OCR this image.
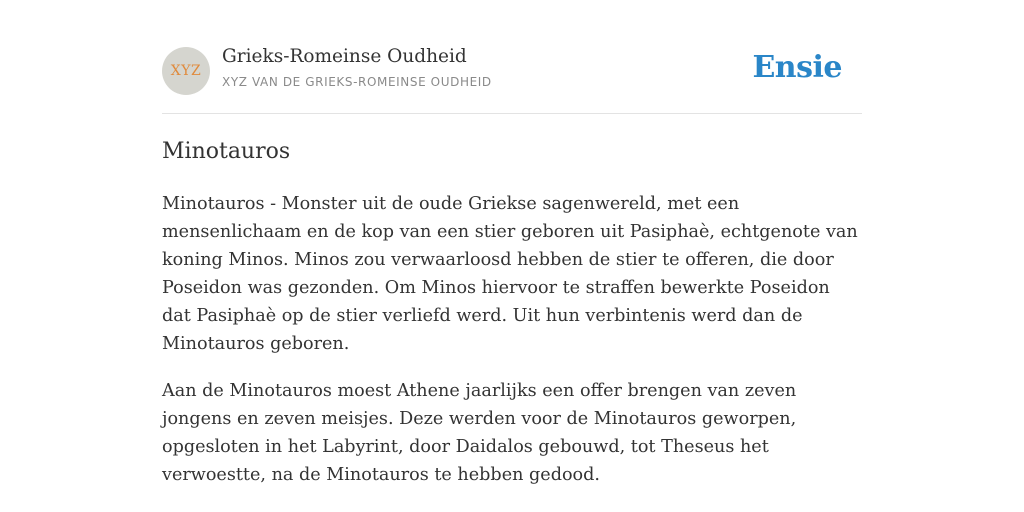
XYZ
Grieks-Romeinse Oudheid
XYZ VAN DE GRIEKS-ROMEINSE OUDHEID	Ensie
Minotauros

Minotauros - Monster uit de oude Griekse sagenwereld, met een mensenlichaam en de kop van een stier geboren uit Pasiphaè, echtgenote van koning Minos. Minos zou verwaarloosd hebben de stier te offeren, die door Poseidon was gezonden. Om Minos hiervoor te straffen bewerkte Poseidon dat Pasiphaè op de stier verliefd werd. Uit hun verbintenis werd dan de Minotauros geboren.

Aan de Minotauros moest Athene jaarlijks een offer brengen van zeven jongens en zeven meisjes. Deze werden voor de Minotauros geworpen, opgesloten in het Labyrint, door Daidalos gebouwd, tot Theseus het verwoestte, na de Minotauros te hebben gedood.
